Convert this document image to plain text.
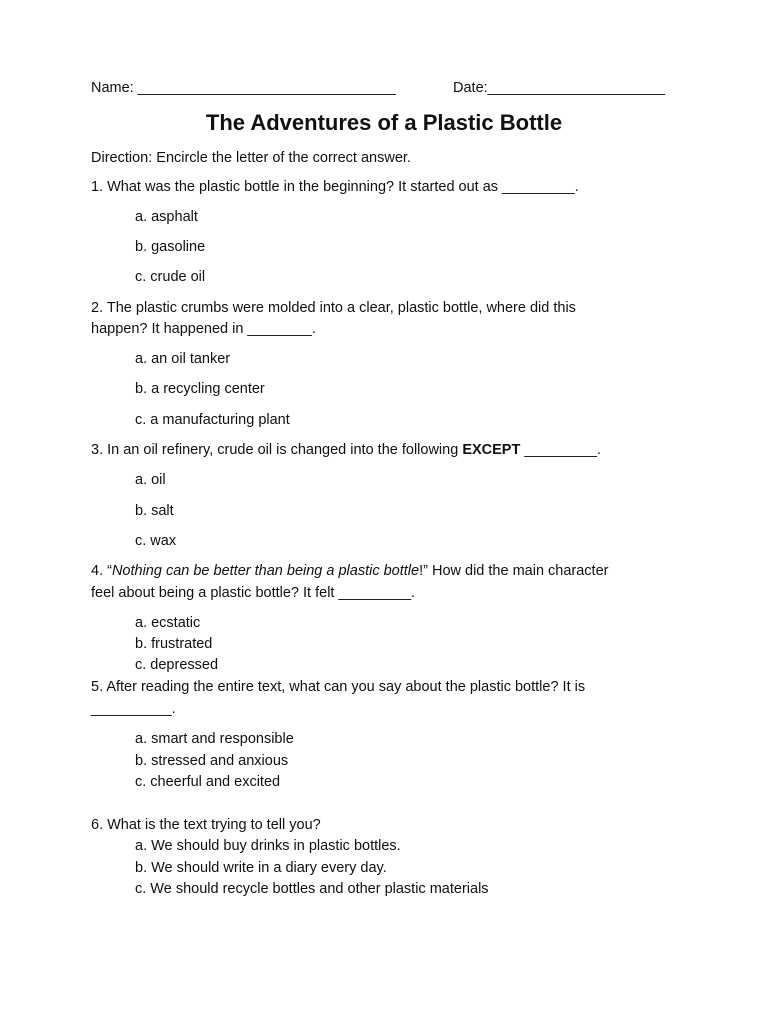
Name: ________________________________	Date:______________________
The Adventures of a Plastic Bottle
Direction: Encircle the letter of the correct answer.
1. What was the plastic bottle in the beginning? It started out as _________.
a. asphalt
b. gasoline
c. crude oil
2. The plastic crumbs were molded into a clear, plastic bottle, where did this
happen? It happened in ________.
a. an oil tanker
b. a recycling center
c. a manufacturing plant
3. In an oil refinery, crude oil is changed into the following EXCEPT _________.
a. oil
b. salt
c. wax
4. “Nothing can be better than being a plastic bottle!” How did the main character
feel about being a plastic bottle? It felt _________.
a. ecstatic
b. frustrated
c. depressed
5. After reading the entire text, what can you say about the plastic bottle? It is
__________.
a. smart and responsible
b. stressed and anxious
c. cheerful and excited
6. What is the text trying to tell you?
a. We should buy drinks in plastic bottles.
b. We should write in a diary every day.
c. We should recycle bottles and other plastic materials
